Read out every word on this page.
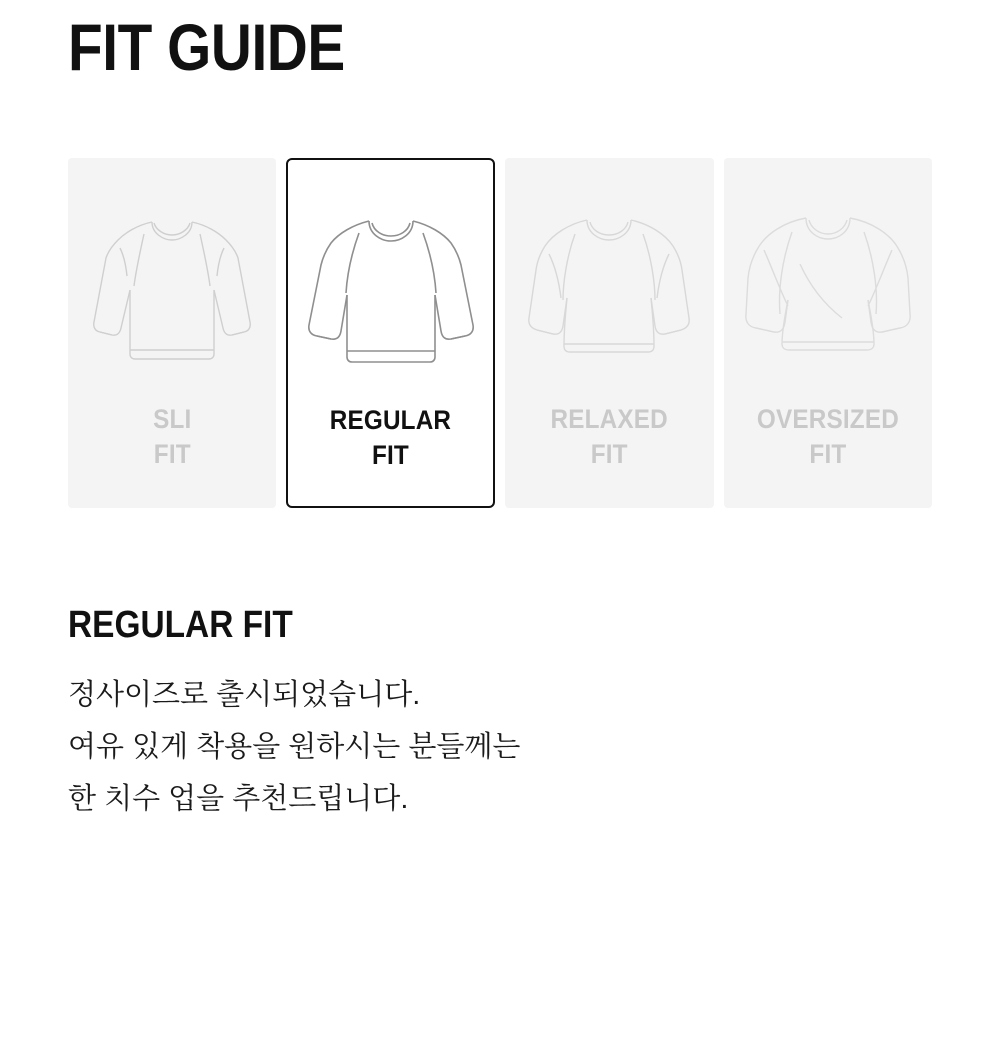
FIT GUIDE
SLI
FIT
REGULAR
FIT
RELAXED
FIT
OVERSIZED
FIT
REGULAR FIT

정사이즈로 출시되었습니다.

여유 있게 착용을 원하시는 분들께는

한 치수 업을 추천드립니다.
